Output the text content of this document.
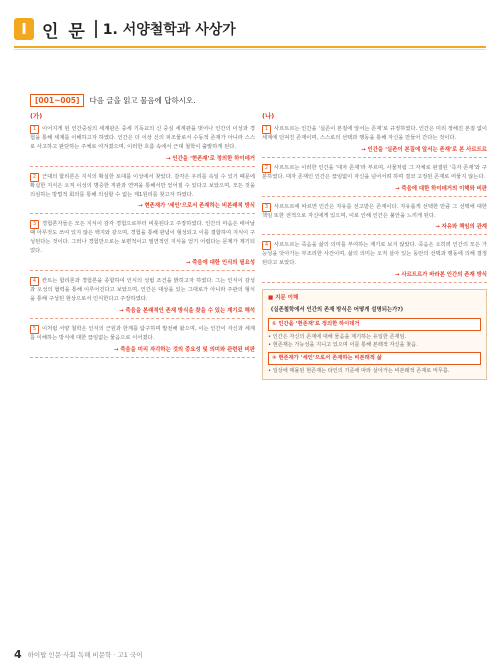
I 인 문 1. 서양철학과 사상가
[001~005]	다음 글을 읽고 물음에 답하시오.
(가)
1 이어지게 된 인간중심의 세계관은 중세 기독교의 신 중심 세계관을 벗어나 인간의 이성과 경험을 통해 세계를 이해하고자 하였다. 인간은 더 이상 신의 피조물로서 수동적 존재가 아니라 스스로 사고하고 판단하는 주체로 여겨졌으며, 이러한 흐름 속에서 근대 철학이 출발하게 된다.
→ 인간을 ‘현존재’로 정의한 하이데거
2 근대의 합리론은 지식의 확실한 토대를 이성에서 찾았다. 감각은 우리를 속일 수 있기 때문에 확실한 지식은 오직 이성의 명증한 직관과 연역을 통해서만 얻어질 수 있다고 보았으며, 모든 것을 의심하는 방법적 회의를 통해 의심할 수 없는 제1원리를 찾고자 하였다.
→ 현존재가 ‘세인’으로서 존재하는 비본래적 방식
3 경험론자들은 모든 지식이 감각 경험으로부터 비롯된다고 주장하였다. 인간의 마음은 태어날 때 아무것도 쓰여 있지 않은 백지와 같으며, 경험을 통해 관념이 형성되고 이를 결합하여 지식이 구성된다는 것이다. 그러나 경험만으로는 보편적이고 필연적인 지식을 얻기 어렵다는 문제가 제기되었다.
→ 죽음에 대한 인식의 필요성
4 칸트는 합리론과 경험론을 종합하여 인식의 성립 조건을 밝히고자 하였다. 그는 인식이 감성과 오성의 협력을 통해 이루어진다고 보았으며, 인간은 대상을 있는 그대로가 아니라 주관의 형식을 통해 구성된 현상으로서 인식한다고 주장하였다.
→ 죽음을 본래적인 존재 방식을 찾을 수 있는 계기로 해석
5 이처럼 서양 철학은 인식의 근원과 한계를 탐구하며 발전해 왔으며, 이는 인간이 자신과 세계를 이해하는 방식에 대한 끊임없는 물음으로 이어졌다.
→ 죽음을 미리 자각하는 것의 중요성 및 의미와 관련된 비판
(나)
1 사르트르는 인간을 ‘실존이 본질에 앞서는 존재’로 규정하였다. 인간은 미리 정해진 본질 없이 세계에 던져진 존재이며, 스스로의 선택과 행동을 통해 자신을 만들어 간다는 것이다.
→ 인간을 ‘실존이 본질에 앞서는 존재’로 본 사르트르
2 사르트르는 이러한 인간을 ‘대자 존재’라 부르며, 사물처럼 그 자체로 완결된 ‘즉자 존재’와 구분하였다. 대자 존재인 인간은 끊임없이 자신을 넘어서려 하며 결코 고정된 존재로 머물지 않는다.
→ 죽음에 대한 하이데거의 이해와 비판
3 사르트르에 따르면 인간은 자유를 선고받은 존재이다. 자유롭게 선택한 만큼 그 선택에 대한 책임 또한 전적으로 자신에게 있으며, 이로 인해 인간은 불안을 느끼게 된다.
→ 자유와 책임의 관계
4 사르트르는 죽음을 삶의 의미를 부여하는 계기로 보지 않았다. 죽음은 오히려 인간의 모든 가능성을 앗아가는 부조리한 사건이며, 삶의 의미는 오직 살아 있는 동안의 선택과 행동에 의해 결정된다고 보았다.
→ 사르트르가 바라본 인간의 존재 방식
■ 지문 이해
《실존철학에서 인간의 존재 방식은 어떻게 설명되는가?》
① 인간을 ‘현존재’로 정의한 하이데거
• 인간은 자신의 존재에 대해 물음을 제기하는 유일한 존재임.
• 현존재는 가능성을 지니고 있으며 이를 통해 본래적 자신을 찾음.
② 현존재가 ‘세인’으로서 존재하는 비본래적 삶
• 일상에 매몰된 현존재는 타인의 기준에 따라 살아가는 비본래적 존재로 머무름.
4 하이탑 인문·사회 독해 비문학 · 고1 국어
